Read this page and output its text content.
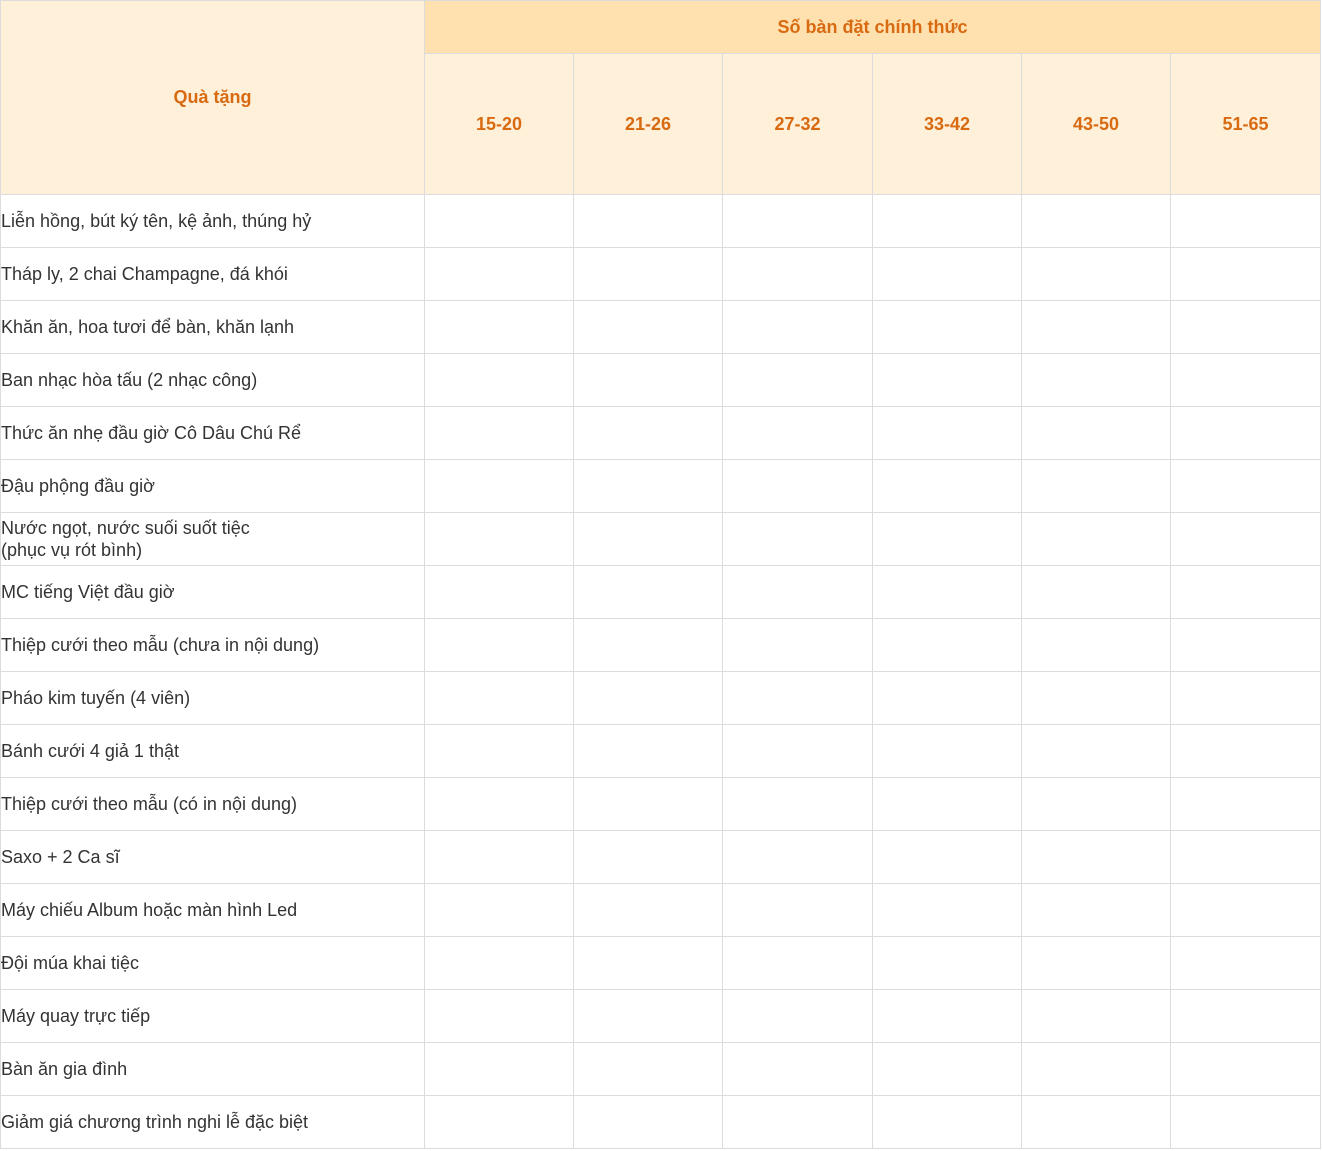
Quà tặng	Số bàn đặt chính thức					
	15-20	21-26	27-32	33-42	43-50	51-65

Liễn hồng, bút ký tên, kệ ảnh, thúng hỷ						

Tháp ly, 2 chai Champagne, đá khói						

Khăn ăn, hoa tươi để bàn, khăn lạnh						

Ban nhạc hòa tấu (2 nhạc công)						

Thức ăn nhẹ đầu giờ Cô Dâu Chú Rể						

Đậu phộng đầu giờ						

Nước ngọt, nước suối suốt tiệc
(phục vụ rót bình)						

MC tiếng Việt đầu giờ						

Thiệp cưới theo mẫu (chưa in nội dung)						

Pháo kim tuyến (4 viên)						

Bánh cưới 4 giả 1 thật						

Thiệp cưới theo mẫu (có in nội dung)						

Saxo + 2 Ca sĩ						

Máy chiếu Album hoặc màn hình Led						

Đội múa khai tiệc						

Máy quay trực tiếp						

Bàn ăn gia đình						

Giảm giá chương trình nghi lễ đặc biệt						
